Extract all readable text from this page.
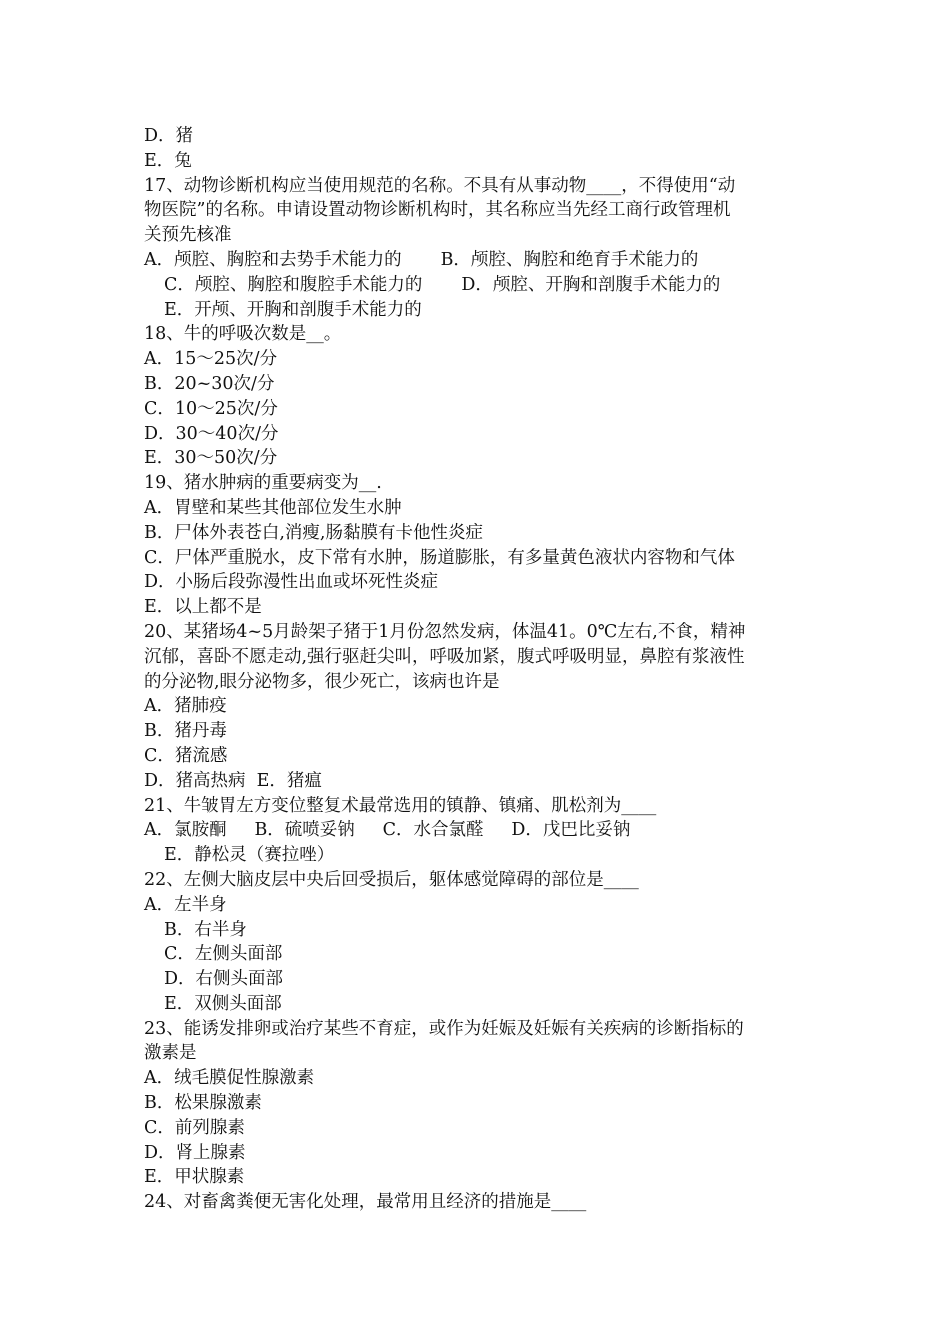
D．猪
E．兔
17、动物诊断机构应当使用规范的名称。不具有从事动物____，不得使用“动
物医院”的名称。申请设置动物诊断机构时，其名称应当先经工商行政管理机
关预先核准
A．颅腔、胸腔和去势手术能力的       B．颅腔、胸腔和绝育手术能力的
C．颅腔、胸腔和腹腔手术能力的       D．颅腔、开胸和剖腹手术能力的
E．开颅、开胸和剖腹手术能力的
18、牛的呼吸次数是__。
A．15～25次/分
B．20~30次/分
C．10～25次/分
D．30～40次/分
E．30～50次/分
19、猪水肿病的重要病变为__.
A．胃壁和某些其他部位发生水肿
B．尸体外表苍白,消瘦,肠黏膜有卡他性炎症
C．尸体严重脱水，皮下常有水肿，肠道膨胀，有多量黄色液状内容物和气体
D．小肠后段弥漫性出血或坏死性炎症
E．以上都不是
20、某猪场4~5月龄架子猪于1月份忽然发病，体温41。0℃左右,不食，精神
沉郁，喜卧不愿走动,强行驱赶尖叫，呼吸加紧，腹式呼吸明显，鼻腔有浆液性
的分泌物,眼分泌物多，很少死亡，该病也许是
A．猪肺疫
B．猪丹毒
C．猪流感
D．猪高热病  E．猪瘟
21、牛皱胃左方变位整复术最常选用的镇静、镇痛、肌松剂为____
A．氯胺酮     B．硫喷妥钠     C．水合氯醛     D．戊巴比妥钠
E．静松灵（赛拉唑）
22、左侧大脑皮层中央后回受损后，躯体感觉障碍的部位是____
A．左半身
B．右半身
C．左侧头面部
D．右侧头面部
E．双侧头面部
23、能诱发排卵或治疗某些不育症，或作为妊娠及妊娠有关疾病的诊断指标的
激素是
A．绒毛膜促性腺激素
B．松果腺激素
C．前列腺素
D．肾上腺素
E．甲状腺素
24、对畜禽粪便无害化处理，最常用且经济的措施是____
